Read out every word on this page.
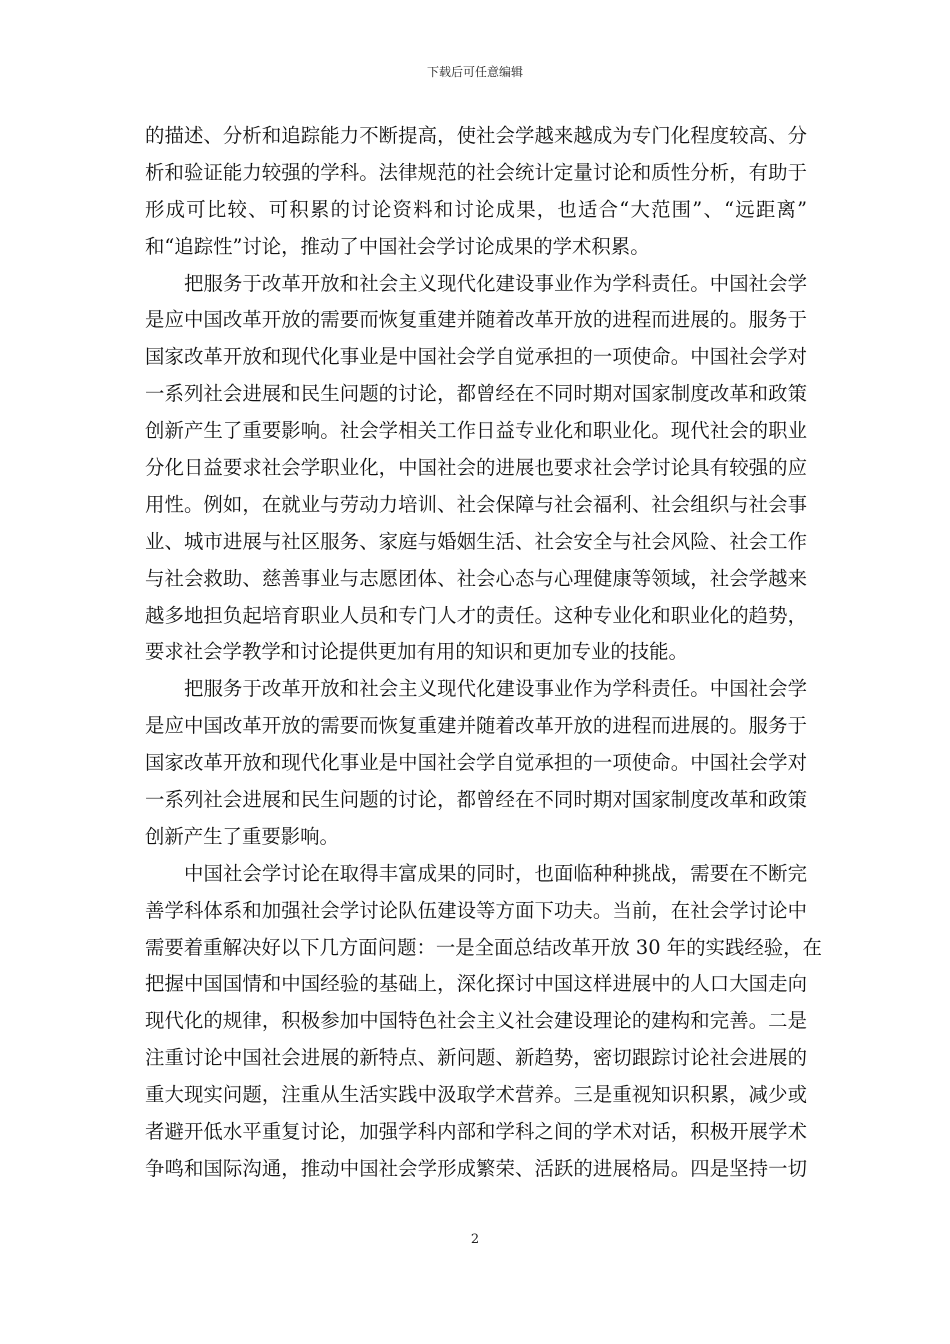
下载后可任意编辑
的描述、分析和追踪能力不断提高，使社会学越来越成为专门化程度较高、分
析和验证能力较强的学科。法律规范的社会统计定量讨论和质性分析，有助于
形成可比较、可积累的讨论资料和讨论成果，也适合“大范围”、“远距离”
和“追踪性”讨论，推动了中国社会学讨论成果的学术积累。
把服务于改革开放和社会主义现代化建设事业作为学科责任。中国社会学
是应中国改革开放的需要而恢复重建并随着改革开放的进程而进展的。服务于
国家改革开放和现代化事业是中国社会学自觉承担的一项使命。中国社会学对
一系列社会进展和民生问题的讨论，都曾经在不同时期对国家制度改革和政策
创新产生了重要影响。社会学相关工作日益专业化和职业化。现代社会的职业
分化日益要求社会学职业化，中国社会的进展也要求社会学讨论具有较强的应
用性。例如，在就业与劳动力培训、社会保障与社会福利、社会组织与社会事
业、城市进展与社区服务、家庭与婚姻生活、社会安全与社会风险、社会工作
与社会救助、慈善事业与志愿团体、社会心态与心理健康等领域，社会学越来
越多地担负起培育职业人员和专门人才的责任。这种专业化和职业化的趋势，
要求社会学教学和讨论提供更加有用的知识和更加专业的技能。
把服务于改革开放和社会主义现代化建设事业作为学科责任。中国社会学
是应中国改革开放的需要而恢复重建并随着改革开放的进程而进展的。服务于
国家改革开放和现代化事业是中国社会学自觉承担的一项使命。中国社会学对
一系列社会进展和民生问题的讨论，都曾经在不同时期对国家制度改革和政策
创新产生了重要影响。
中国社会学讨论在取得丰富成果的同时，也面临种种挑战，需要在不断完
善学科体系和加强社会学讨论队伍建设等方面下功夫。当前，在社会学讨论中
需要着重解决好以下几方面问题：一是全面总结改革开放 30 年的实践经验，在
把握中国国情和中国经验的基础上，深化探讨中国这样进展中的人口大国走向
现代化的规律，积极参加中国特色社会主义社会建设理论的建构和完善。二是
注重讨论中国社会进展的新特点、新问题、新趋势，密切跟踪讨论社会进展的
重大现实问题，注重从生活实践中汲取学术营养。三是重视知识积累，减少或
者避开低水平重复讨论，加强学科内部和学科之间的学术对话，积极开展学术
争鸣和国际沟通，推动中国社会学形成繁荣、活跃的进展格局。四是坚持一切
2
